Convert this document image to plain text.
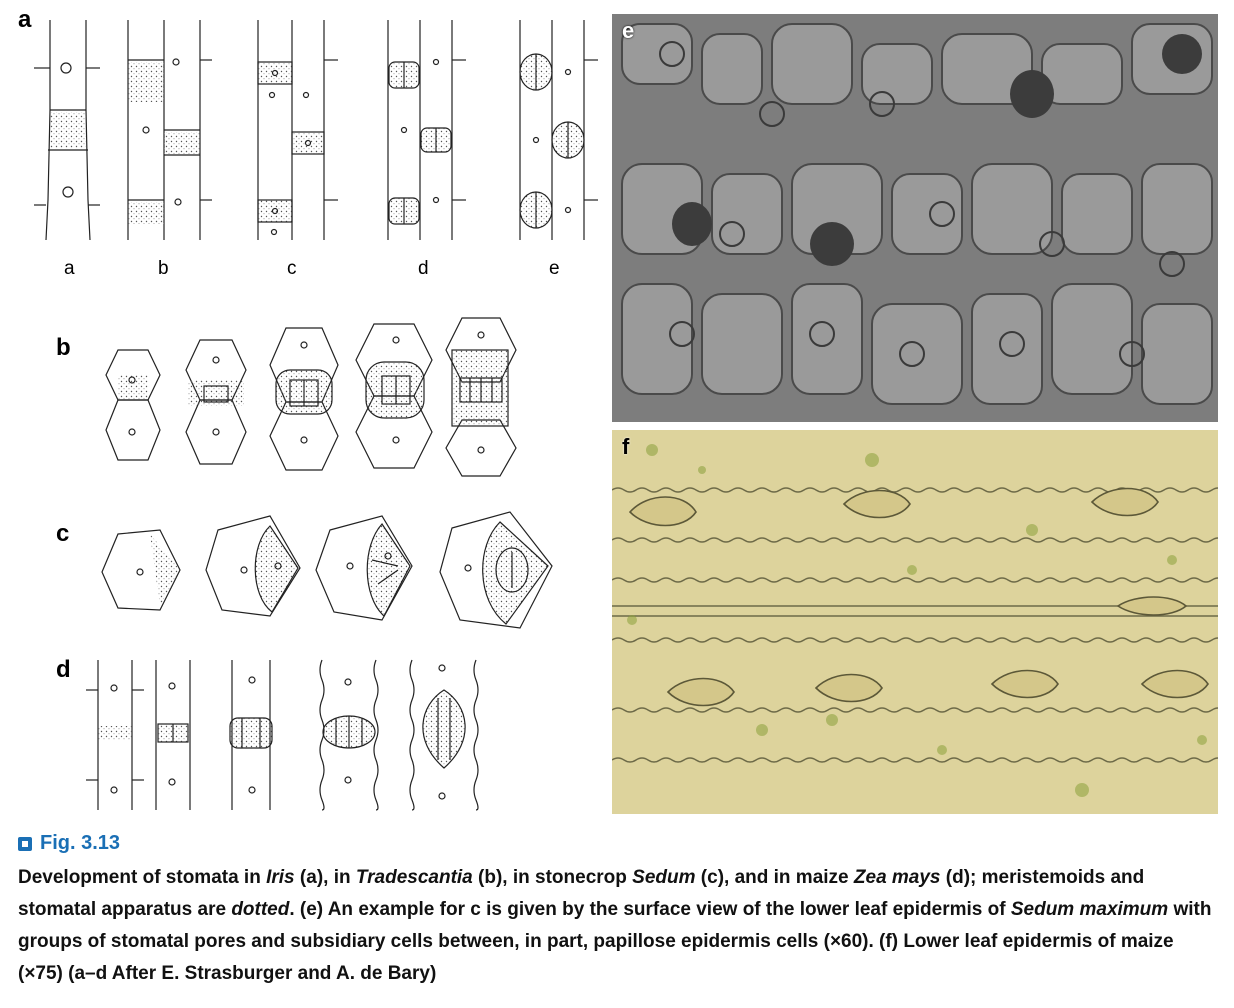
a
b
c
d
a	b	c	d	e
e
f
Fig. 3.13
Development of stomata in Iris (a), in Tradescantia (b), in stonecrop Sedum (c), and in maize Zea mays (d); meristemoids and stomatal apparatus are dotted. (e) An example for c is given by the surface view of the lower leaf epidermis of Sedum maximum with groups of stomatal pores and subsidiary cells between, in part, papillose epidermis cells (×60). (f) Lower leaf epidermis of maize (×75) (a–d After E. Strasburger and A. de Bary)
